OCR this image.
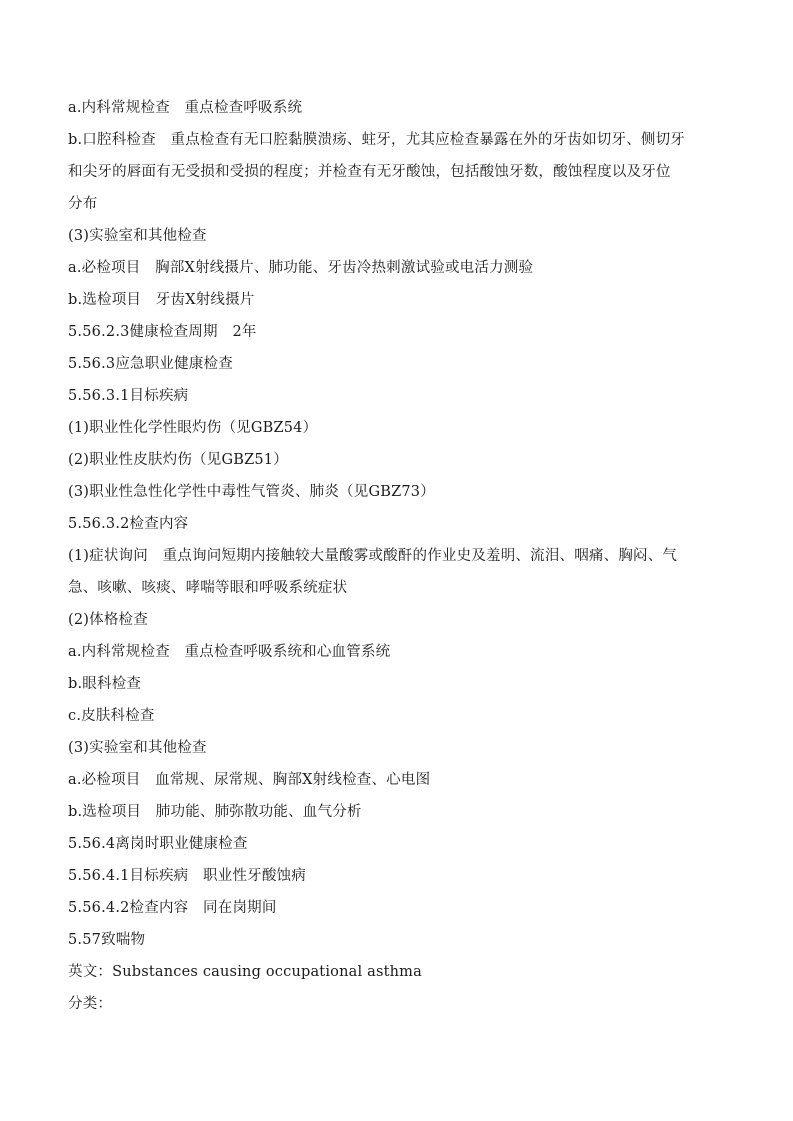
a.内科常规检查　重点检查呼吸系统
b.口腔科检查　重点检查有无口腔黏膜溃疡、蛀牙，尤其应检查暴露在外的牙齿如切牙、侧切牙
和尖牙的唇面有无受损和受损的程度；并检查有无牙酸蚀，包括酸蚀牙数，酸蚀程度以及牙位
分布
(3)实验室和其他检查
a.必检项目　胸部X射线摄片、肺功能、牙齿冷热刺激试验或电活力测验
b.选检项目　牙齿X射线摄片
5.56.2.3健康检查周期　2年
5.56.3应急职业健康检查
5.56.3.1目标疾病
(1)职业性化学性眼灼伤（见GBZ54）
(2)职业性皮肤灼伤（见GBZ51）
(3)职业性急性化学性中毒性气管炎、肺炎（见GBZ73）
5.56.3.2检查内容
(1)症状询问　重点询问短期内接触较大量酸雾或酸酐的作业史及羞明、流泪、咽痛、胸闷、气
急、咳嗽、咳痰、哮喘等眼和呼吸系统症状
(2)体格检查
a.内科常规检查　重点检查呼吸系统和心血管系统
b.眼科检查
c.皮肤科检查
(3)实验室和其他检查
a.必检项目　血常规、尿常规、胸部X射线检查、心电图
b.选检项目　肺功能、肺弥散功能、血气分析
5.56.4离岗时职业健康检查
5.56.4.1目标疾病　职业性牙酸蚀病
5.56.4.2检查内容　同在岗期间
5.57致喘物
英文：Substances causing occupational asthma
分类：
